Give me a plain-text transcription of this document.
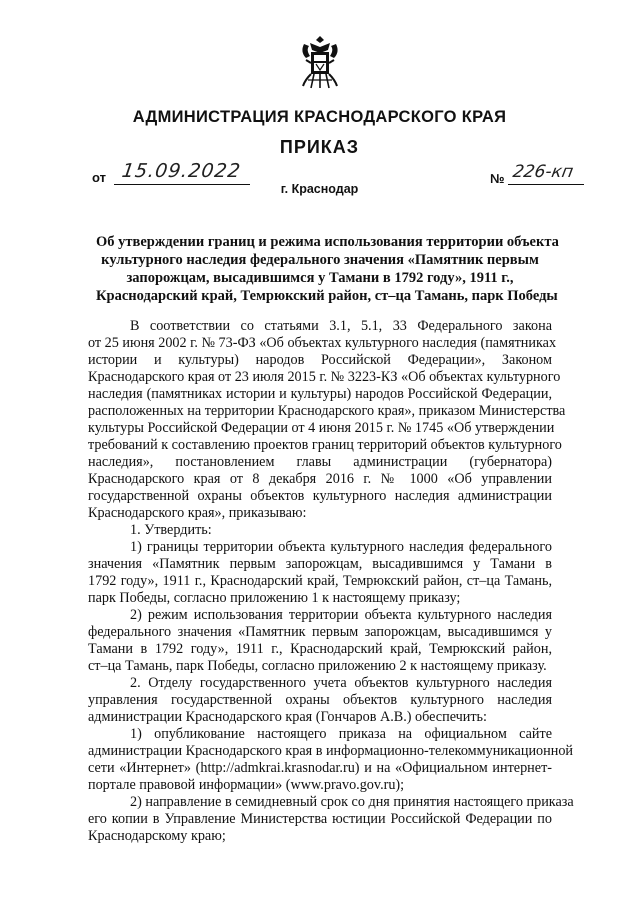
АДМИНИСТРАЦИЯ КРАСНОДАРСКОГО КРАЯ
ПРИКАЗ
от 15.09.2022
г. Краснодар
№ 226-кп
Об утверждении границ и режима использования территории объекта
культурного наследия федерального значения «Памятник первым
запорожцам, высадившимся у Тамани в 1792 году», 1911 г.,
Краснодарский край, Темрюкский район, ст–ца Тамань, парк Победы
В соответствии со статьями 3.1, 5.1, 33 Федерального закона
от 25 июня 2002 г. № 73-ФЗ «Об объектах культурного наследия (памятниках
истории и культуры) народов Российской Федерации», Законом
Краснодарского края от 23 июля 2015 г. № 3223-КЗ «Об объектах культурного
наследия (памятниках истории и культуры) народов Российской Федерации,
расположенных на территории Краснодарского края», приказом Министерства
культуры Российской Федерации от 4 июня 2015 г. № 1745 «Об утверждении
требований к составлению проектов границ территорий объектов культурного
наследия», постановлением главы администрации (губернатора)
Краснодарского края от 8 декабря 2016 г. № 1000 «Об управлении
государственной охраны объектов культурного наследия администрации
Краснодарского края», приказываю:
1. Утвердить:
1) границы территории объекта культурного наследия федерального
значения «Памятник первым запорожцам, высадившимся у Тамани в
1792 году», 1911 г., Краснодарский край, Темрюкский район, ст–ца Тамань,
парк Победы, согласно приложению 1 к настоящему приказу;
2) режим использования территории объекта культурного наследия
федерального значения «Памятник первым запорожцам, высадившимся у
Тамани в 1792 году», 1911 г., Краснодарский край, Темрюкский район,
ст–ца Тамань, парк Победы, согласно приложению 2 к настоящему приказу.
2. Отделу государственного учета объектов культурного наследия
управления государственной охраны объектов культурного наследия
администрации Краснодарского края (Гончаров А.В.) обеспечить:
1) опубликование настоящего приказа на официальном сайте
администрации Краснодарского края в информационно-телекоммуникационной
сети «Интернет» (http://admkrai.krasnodar.ru) и на «Официальном интернет-
портале правовой информации» (www.pravo.gov.ru);
2) направление в семидневный срок со дня принятия настоящего приказа
его копии в Управление Министерства юстиции Российской Федерации по
Краснодарскому краю;
